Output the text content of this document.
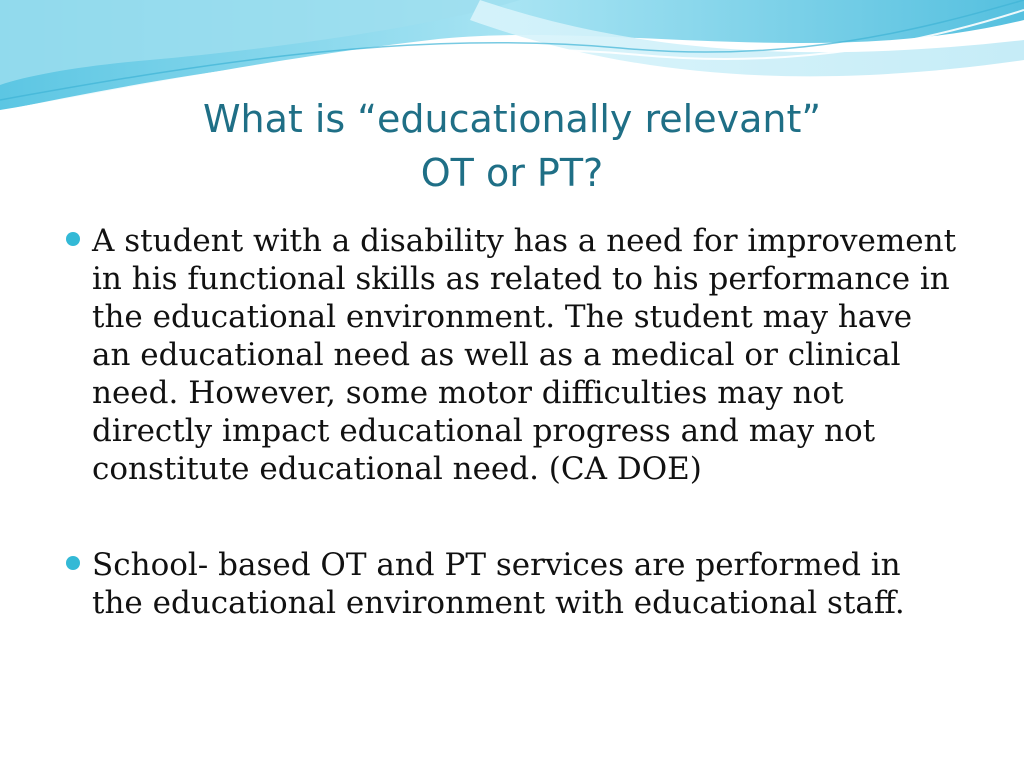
What is “educationally relevant”
OT or PT?
A student with a disability has a need for improvement in his functional skills as related to his performance in the educational environment. The student may have an educational need as well as a medical or clinical need. However, some motor difficulties may not directly impact educational progress and may not constitute educational need. (CA DOE)
School- based OT and PT services are performed in the educational environment with educational staff.
